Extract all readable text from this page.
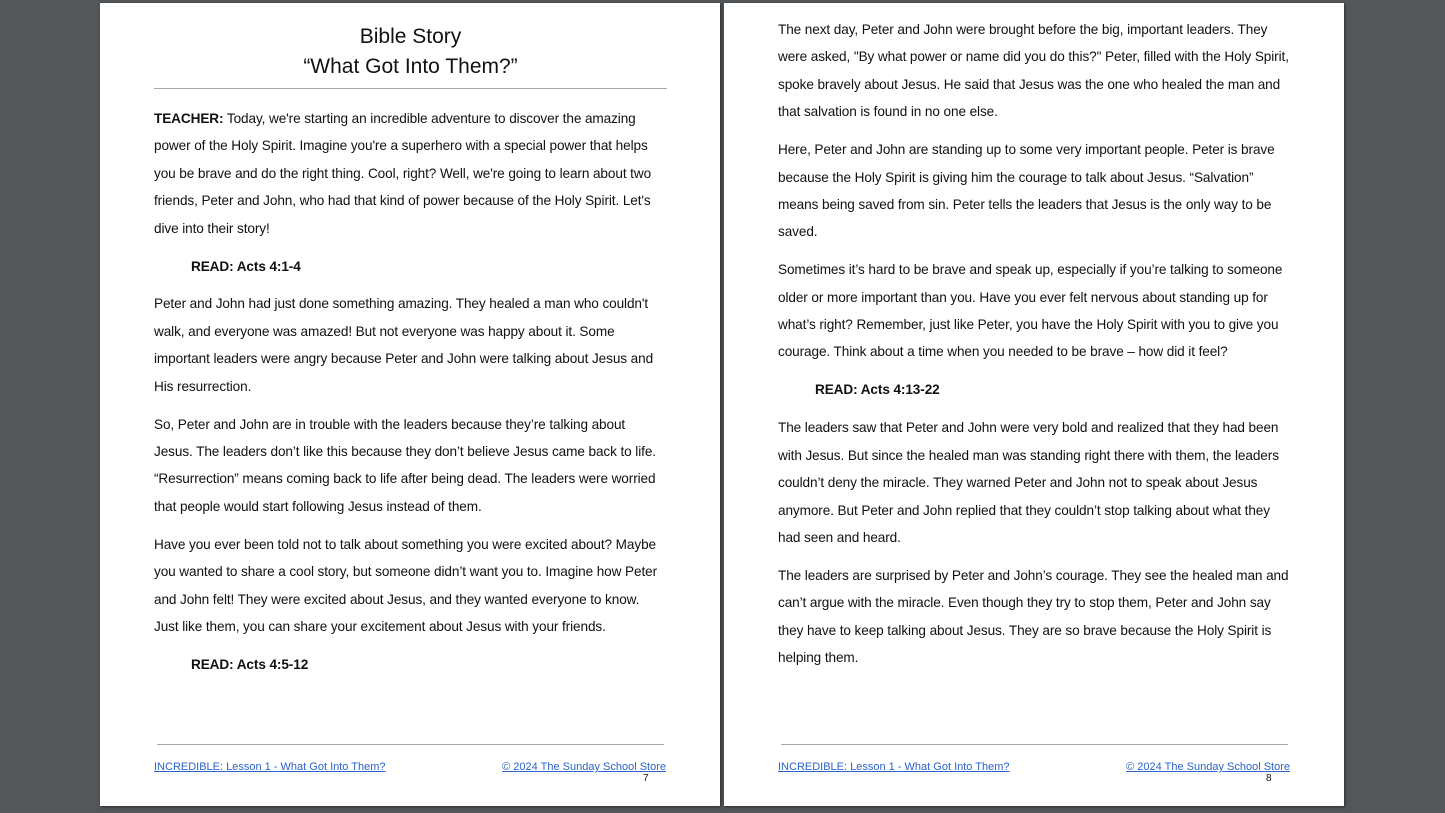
Bible Story
“What Got Into Them?”

TEACHER: Today, we're starting an incredible adventure to discover the amazing power of the Holy Spirit. Imagine you're a superhero with a special power that helps you be brave and do the right thing. Cool, right? Well, we're going to learn about two friends, Peter and John, who had that kind of power because of the Holy Spirit. Let's dive into their story!

READ: Acts 4:1-4

Peter and John had just done something amazing. They healed a man who couldn't walk, and everyone was amazed! But not everyone was happy about it. Some important leaders were angry because Peter and John were talking about Jesus and His resurrection.

So, Peter and John are in trouble with the leaders because they’re talking about Jesus. The leaders don’t like this because they don’t believe Jesus came back to life. “Resurrection” means coming back to life after being dead. The leaders were worried that people would start following Jesus instead of them.

Have you ever been told not to talk about something you were excited about? Maybe you wanted to share a cool story, but someone didn’t want you to. Imagine how Peter and John felt! They were excited about Jesus, and they wanted everyone to know. Just like them, you can share your excitement about Jesus with your friends.

READ: Acts 4:5-12

INCREDIBLE: Lesson 1 - What Got Into Them?	© 2024 The Sunday School Store
7

The next day, Peter and John were brought before the big, important leaders. They were asked, "By what power or name did you do this?" Peter, filled with the Holy Spirit, spoke bravely about Jesus. He said that Jesus was the one who healed the man and that salvation is found in no one else.

Here, Peter and John are standing up to some very important people. Peter is brave because the Holy Spirit is giving him the courage to talk about Jesus. “Salvation” means being saved from sin. Peter tells the leaders that Jesus is the only way to be saved.

Sometimes it’s hard to be brave and speak up, especially if you’re talking to someone older or more important than you. Have you ever felt nervous about standing up for what’s right? Remember, just like Peter, you have the Holy Spirit with you to give you courage. Think about a time when you needed to be brave – how did it feel?

READ: Acts 4:13-22

The leaders saw that Peter and John were very bold and realized that they had been with Jesus. But since the healed man was standing right there with them, the leaders couldn’t deny the miracle. They warned Peter and John not to speak about Jesus anymore. But Peter and John replied that they couldn’t stop talking about what they had seen and heard.

The leaders are surprised by Peter and John’s courage. They see the healed man and can’t argue with the miracle. Even though they try to stop them, Peter and John say they have to keep talking about Jesus. They are so brave because the Holy Spirit is helping them.

INCREDIBLE: Lesson 1 - What Got Into Them?	© 2024 The Sunday School Store
8
